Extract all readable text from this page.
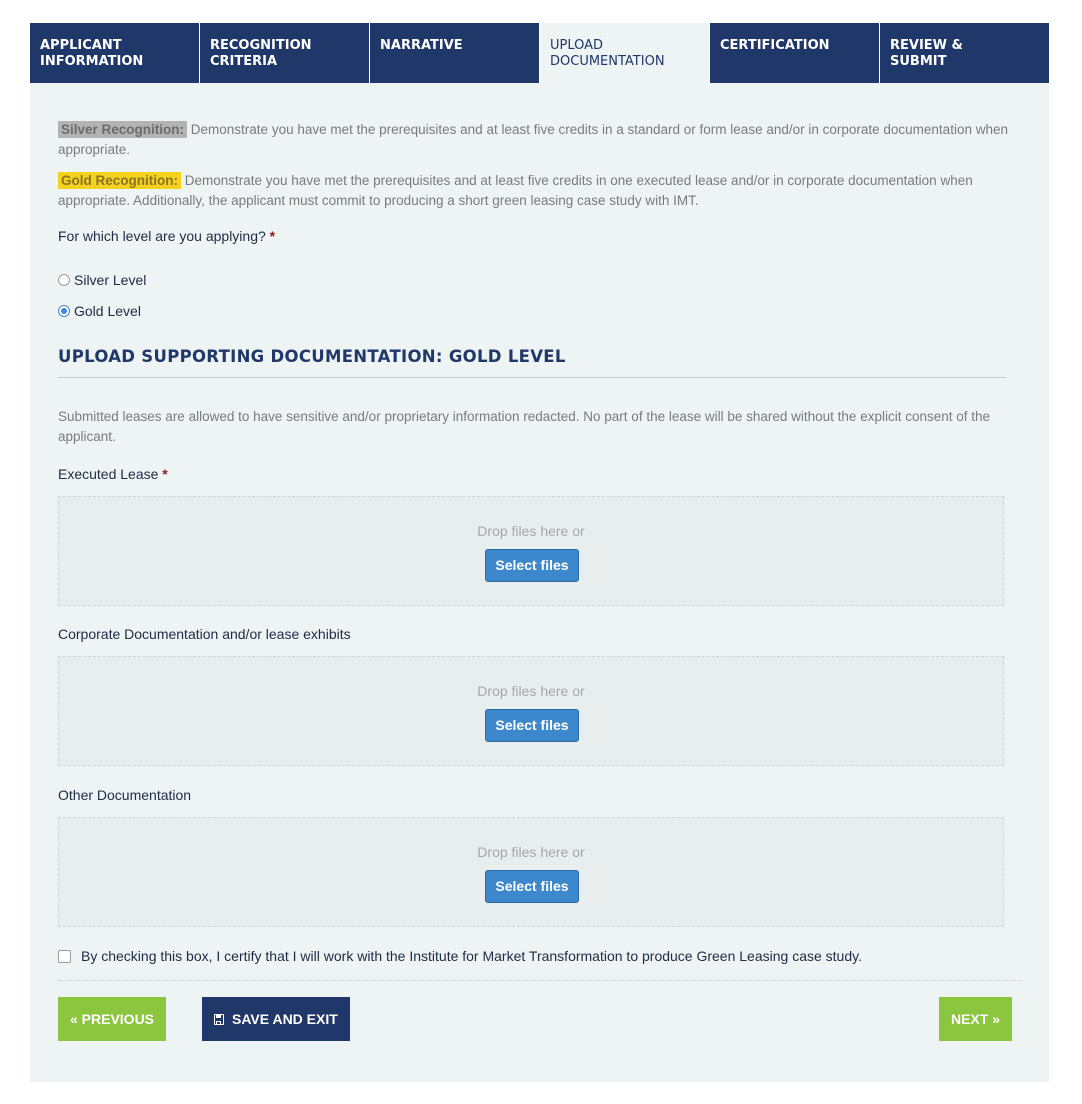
APPLICANT
INFORMATION
RECOGNITION
CRITERIA
NARRATIVE	UPLOAD
DOCUMENTATION
CERTIFICATION	REVIEW &
SUBMIT
Silver Recognition: Demonstrate you have met the prerequisites and at least five credits in a standard or form lease and/or in corporate documentation when appropriate.
Gold Recognition: Demonstrate you have met the prerequisites and at least five credits in one executed lease and/or in corporate documentation when appropriate. Additionally, the applicant must commit to producing a short green leasing case study with IMT.
For which level are you applying? *
Silver Level
Gold Level
UPLOAD SUPPORTING DOCUMENTATION: GOLD LEVEL
Submitted leases are allowed to have sensitive and/or proprietary information redacted. No part of the lease will be shared without the explicit consent of the applicant.
Executed Lease *
Drop files here or
Select files
Corporate Documentation and/or lease exhibits
Drop files here or
Select files
Other Documentation
Drop files here or
Select files
By checking this box, I certify that I will work with the Institute for Market Transformation to produce Green Leasing case study.
« PREVIOUS	SAVE AND EXIT	NEXT »
